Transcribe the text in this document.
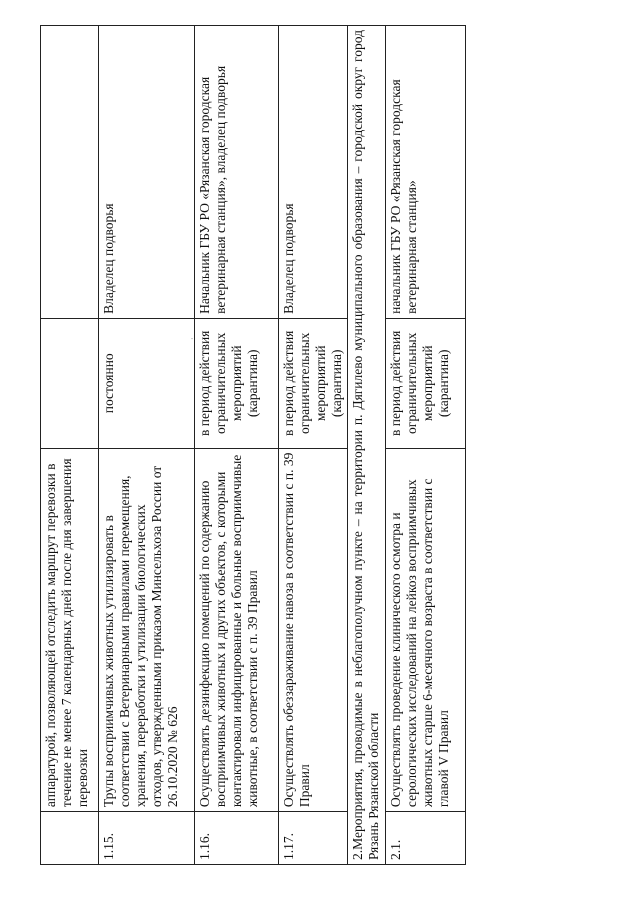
	аппаратурой, позволяющей отследить маршрут перевозки в течение не менее 7 календарных дней после дня завершения перевозки		
1.15.	Трупы восприимчивых животных утилизировать в соответствии с Ветеринарными правилами перемещения, хранения, переработки и утилизации биологических отходов, утвержденными приказом Минсельхоза России от 26.10.2020 № 626	постоянно	Владелец подворья
1.16.	Осуществлять дезинфекцию помещений по содержанию восприимчивых животных и других объектов, с которыми контактировали инфицированные и больные восприимчивые животные, в соответствии с п. 39 Правил	в период действия ограничительных мероприятий (карантина)	Начальник ГБУ РО «Рязанская городская ветеринарная станция», владелец подворья
1.17.	Осуществлять обеззараживание навоза в соответствии с п. 39 Правил	в период действия ограничительных мероприятий (карантина)	Владелец подворья
2.Мероприятия, проводимые в неблагополучном пункте – на территории п. Дягилево муниципального образования – городской округ город Рязань Рязанской области			
2.1.	Осуществлять проведение клинического осмотра и серологических исследований на лейкоз восприимчивых животных старше 6-месячного возраста в соответствии с главой V Правил	в период действия ограничительных мероприятий (карантина)	начальник ГБУ РО «Рязанская городская ветеринарная станция»
·
